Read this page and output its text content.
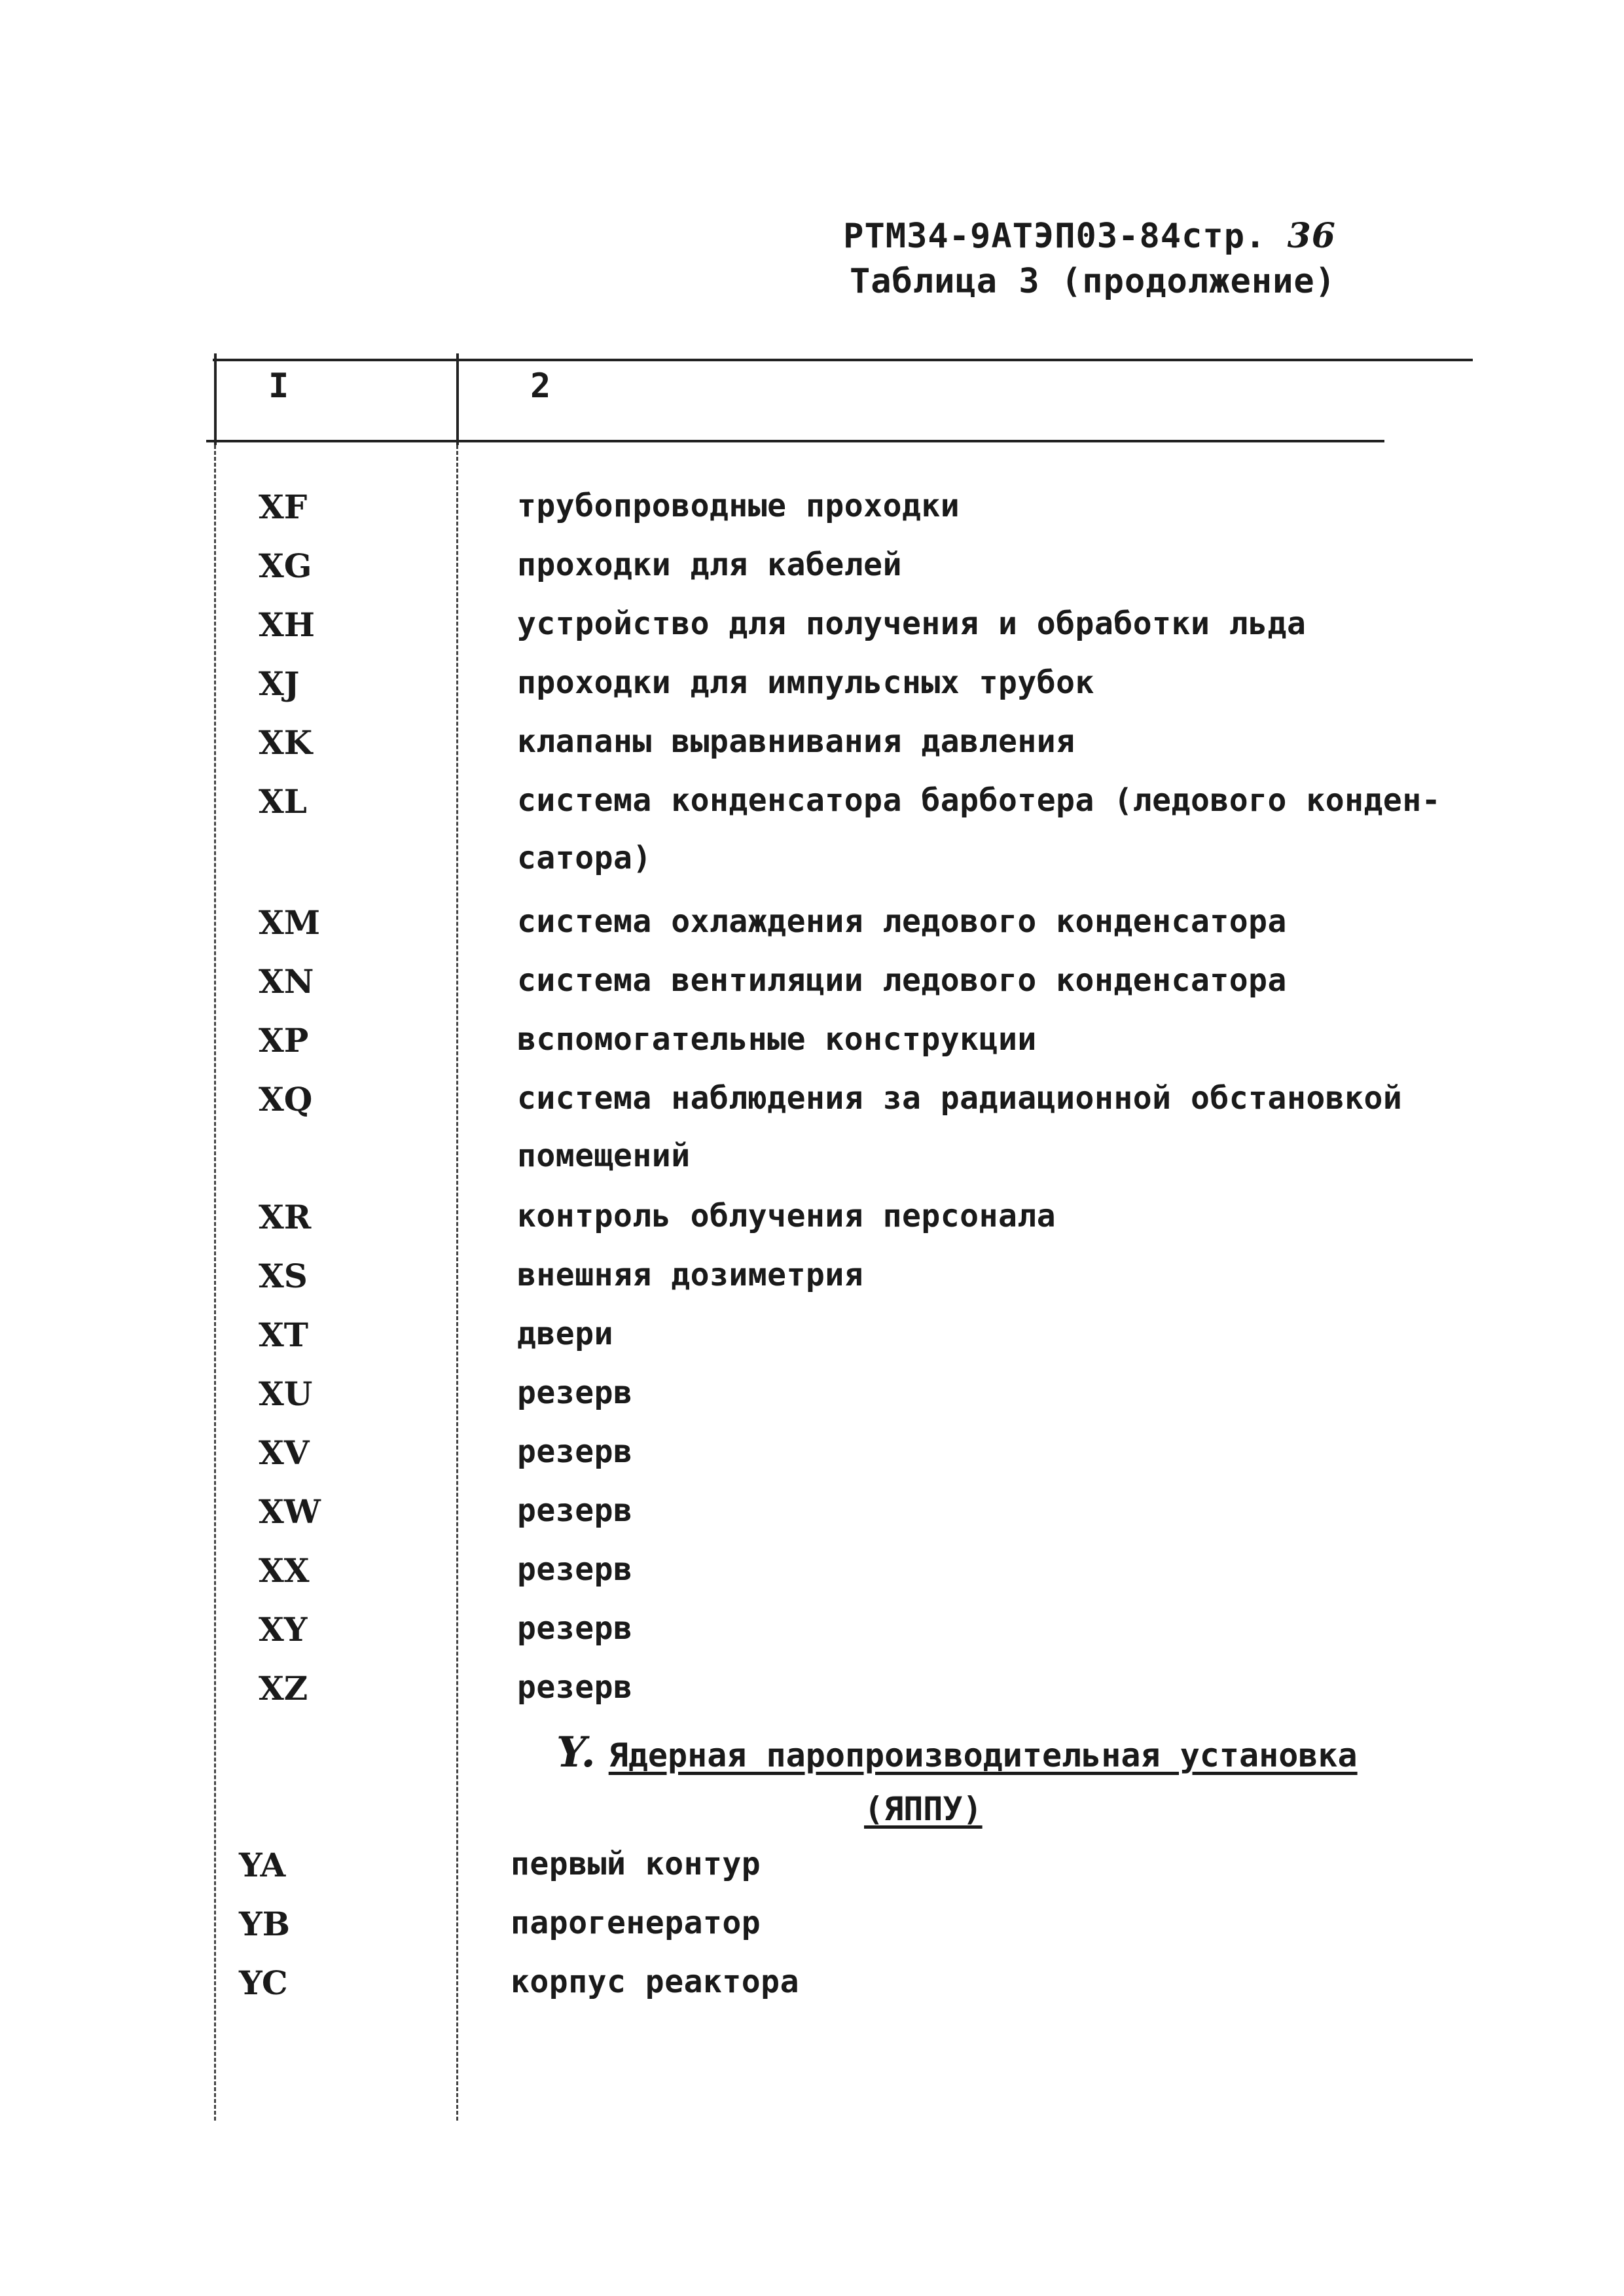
РТМ34-9АТЭП03-84стр. 36
Таблица 3 (продолжение)
I	2
XF	трубопроводные проходки
XG	проходки для кабелей
XH	устройство для получения и обработки льда
XJ	проходки для импульсных трубок
XK	клапаны выравнивания давления
XL	система конденсатора барботера (ледового конден-
сатора)
XM	система охлаждения ледового конденсатора
XN	система вентиляции ледового конденсатора
XP	вспомогательные конструкции
XQ	система наблюдения за радиационной обстановкой
помещений
XR	контроль облучения персонала
XS	внешняя дозиметрия
XT	двери
XU	резерв
XV	резерв
XW	резерв
XX	резерв
XY	резерв
XZ	резерв
Y. Ядерная паропроизводительная установка
(ЯППУ)
YA	первый контур
YB	парогенератор
YC	корпус реактора
